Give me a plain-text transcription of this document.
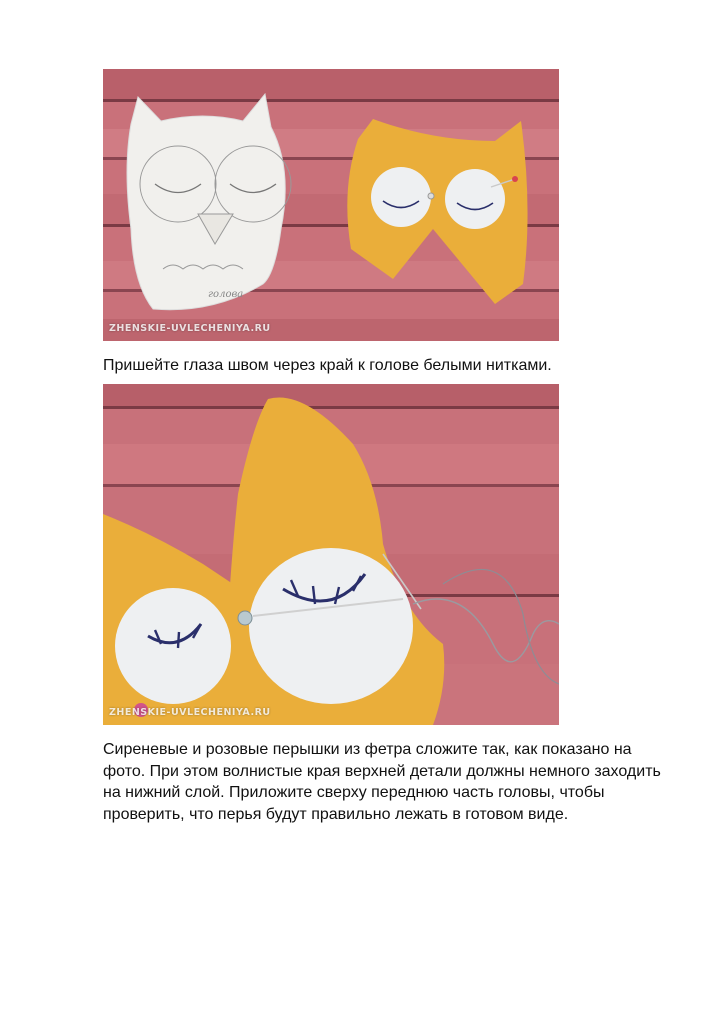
голова
ZHENSKIE-UVLECHENIYA.RU

Пришейте глаза швом через край к голове белыми нитками.

ZHENSKIE-UVLECHENIYA.RU

Сиреневые и розовые перышки из фетра сложите так, как показано на фото. При этом волнистые края верхней детали должны немного заходить на нижний слой. Приложите сверху переднюю часть головы, чтобы проверить, что перья будут правильно лежать в готовом виде.
